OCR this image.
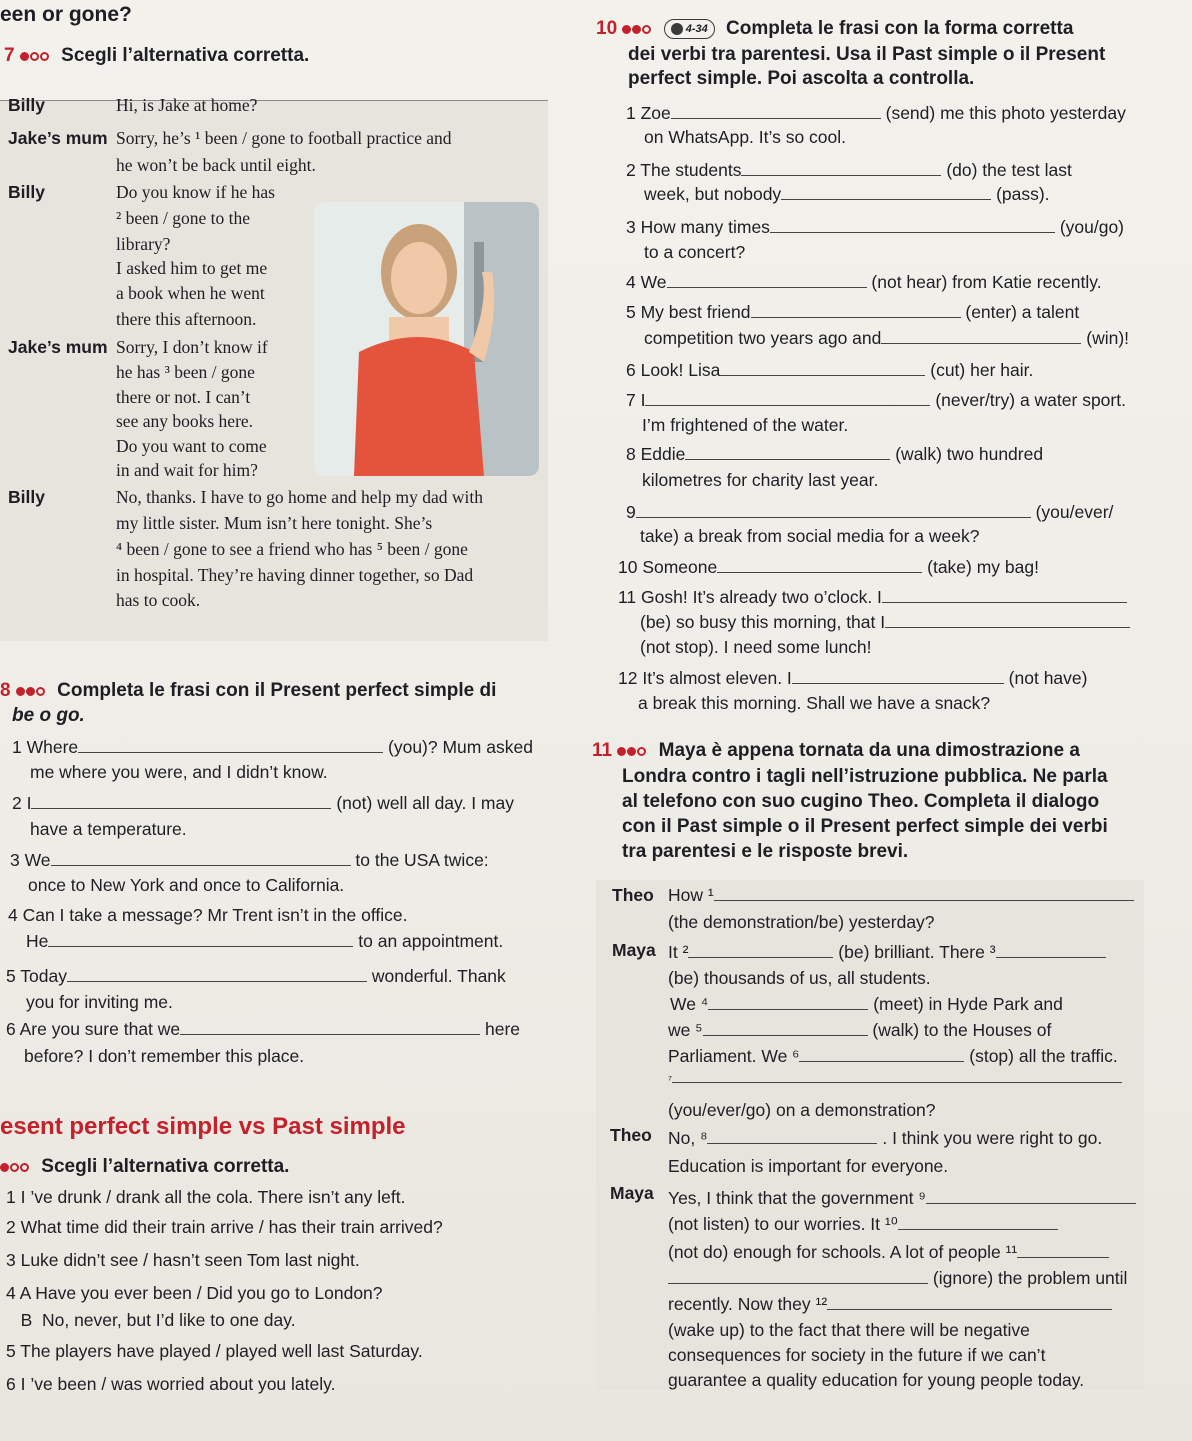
een or gone?
7 Scegli l’alternativa corretta.
Billy	Hi, is Jake at home?
Jake’s mum Sorry, he’s ¹ been / gone to football practice and
he won’t be back until eight.
Billy	Do you know if he has
² been / gone to the
library?
I asked him to get me
a book when he went
there this afternoon.
Jake’s mum Sorry, I don’t know if
he has ³ been / gone
there or not. I can’t
see any books here.
Do you want to come
in and wait for him?
Billy	No, thanks. I have to go home and help my dad with
my little sister. Mum isn’t here tonight. She’s
⁴ been / gone to see a friend who has ⁵ been / gone
in hospital. They’re having dinner together, so Dad
has to cook.
8 Completa le frasi con il Present perfect simple di
be o go.
1 Where	(you)? Mum asked
me where you were, and I didn’t know.
2 I	(not) well all day. I may
have a temperature.
3 We	to the USA twice:
once to New York and once to California.
4 Can I take a message? Mr Trent isn’t in the office.
He	to an appointment.
5 Today	wonderful. Thank
you for inviting me.
6 Are you sure that we	here
before? I don’t remember this place.
esent perfect simple vs Past simple
Scegli l’alternativa corretta.
1 I ’ve drunk / drank all the cola. There isn’t any left.
2 What time did their train arrive / has their train arrived?
3 Luke didn’t see / hasn’t seen Tom last night.
4 A Have you ever been / Did you go to London?
B  No, never, but I’d like to one day.
5 The players have played / played well last Saturday.
6 I ’ve been / was worried about you lately.
10	4-34 Completa le frasi con la forma corretta
dei verbi tra parentesi. Usa il Past simple o il Present
perfect simple. Poi ascolta a controlla.
1 Zoe	(send) me this photo yesterday
on WhatsApp. It’s so cool.
2 The students	(do) the test last
week, but nobody	(pass).
3 How many times	(you/go)
to a concert?
4 We	(not hear) from Katie recently.
5 My best friend	(enter) a talent
competition two years ago and	(win)!
6 Look! Lisa	(cut) her hair.
7 I	(never/try) a water sport.
I’m frightened of the water.
8 Eddie	(walk) two hundred
kilometres for charity last year.
9	(you/ever/
take) a break from social media for a week?
10 Someone	(take) my bag!
11 Gosh! It’s already two o’clock. I
(be) so busy this morning, that I
(not stop). I need some lunch!
12 It’s almost eleven. I	(not have)
a break this morning. Shall we have a snack?
11 Maya è appena tornata da una dimostrazione a
Londra contro i tagli nell’istruzione pubblica. Ne parla
al telefono con suo cugino Theo. Completa il dialogo
con il Past simple o il Present perfect simple dei verbi
tra parentesi e le risposte brevi.
Theo How ¹
(the demonstration/be) yesterday?
Maya It ²	(be) brilliant. There ³
(be) thousands of us, all students.
We ⁴	(meet) in Hyde Park and
we ⁵	(walk) to the Houses of
Parliament. We ⁶	(stop) all the traffic.
⁷
(you/ever/go) on a demonstration?
Theo No, ⁸	. I think you were right to go.
Education is important for everyone.
Maya Yes, I think that the government ⁹
(not listen) to our worries. It ¹⁰
(not do) enough for schools. A lot of people ¹¹
(ignore) the problem until
recently. Now they ¹²
(wake up) to the fact that there will be negative
consequences for society in the future if we can’t
guarantee a quality education for young people today.
